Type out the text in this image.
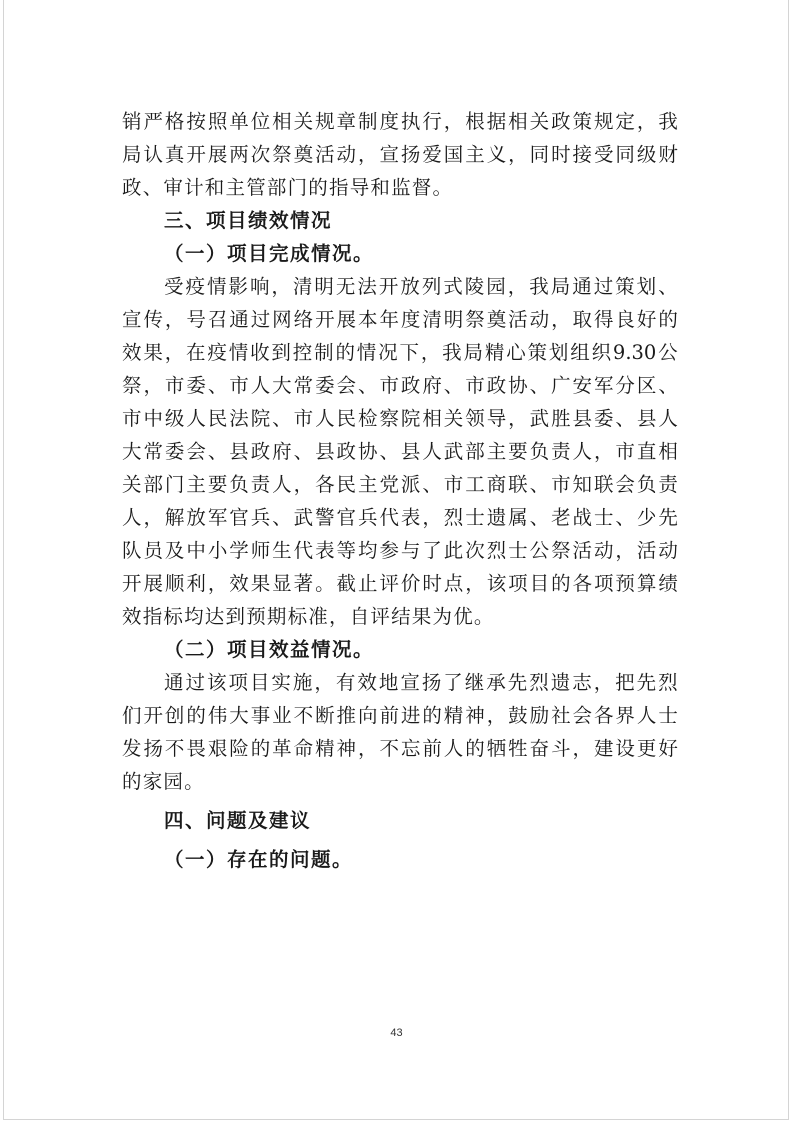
销 严 格 按 照 单 位 相 关 规 章 制 度 执 行 ， 根 据 相 关 政 策 规 定 ， 我
局 认 真 开 展 两 次 祭 奠 活 动 ， 宣 扬 爱 国 主 义 ， 同 时 接 受 同 级 财
政、审计和主管部门的指导和监督。
三、项目绩效情况
（一）项目完成情况。
受 疫 情 影 响 ， 清 明 无 法 开 放 列 式 陵 园 ， 我 局 通 过 策 划 、
宣 传 ， 号 召 通 过 网 络 开 展 本 年 度 清 明 祭 奠 活 动 ， 取 得 良 好 的
效 果 ， 在 疫 情 收 到 控 制 的 情 况 下 ， 我 局 精 心 策 划 组 织 9.30 公
祭 ， 市 委 、 市 人 大 常 委 会 、 市 政 府 、 市 政 协 、 广 安 军 分 区 、
市 中 级 人 民 法 院 、 市 人 民 检 察 院 相 关 领 导 ， 武 胜 县 委 、 县 人
大 常 委 会 、 县 政 府 、 县 政 协 、 县 人 武 部 主 要 负 责 人 ， 市 直 相
关 部 门 主 要 负 责 人 ， 各 民 主 党 派 、 市 工 商 联 、 市 知 联 会 负 责
人 ， 解 放 军 官 兵 、 武 警 官 兵 代 表 ， 烈 士 遗 属 、 老 战 士 、 少 先
队 员 及 中 小 学 师 生 代 表 等 均 参 与 了 此 次 烈 士 公 祭 活 动 ， 活 动
开 展 顺 利 ， 效 果 显 著 。 截 止 评 价 时 点 ， 该 项 目 的 各 项 预 算 绩
效指标均达到预期标准，自评结果为优。
（二）项目效益情况。
通 过 该 项 目 实 施 ， 有 效 地 宣 扬 了 继 承 先 烈 遗 志 ， 把 先 烈
们 开 创 的 伟 大 事 业 不 断 推 向 前 进 的 精 神 ， 鼓 励 社 会 各 界 人 士
发 扬 不 畏 艰 险 的 革 命 精 神 ， 不 忘 前 人 的 牺 牲 奋 斗 ， 建 设 更 好
的家园。
四、问题及建议
（一）存在的问题。
43
